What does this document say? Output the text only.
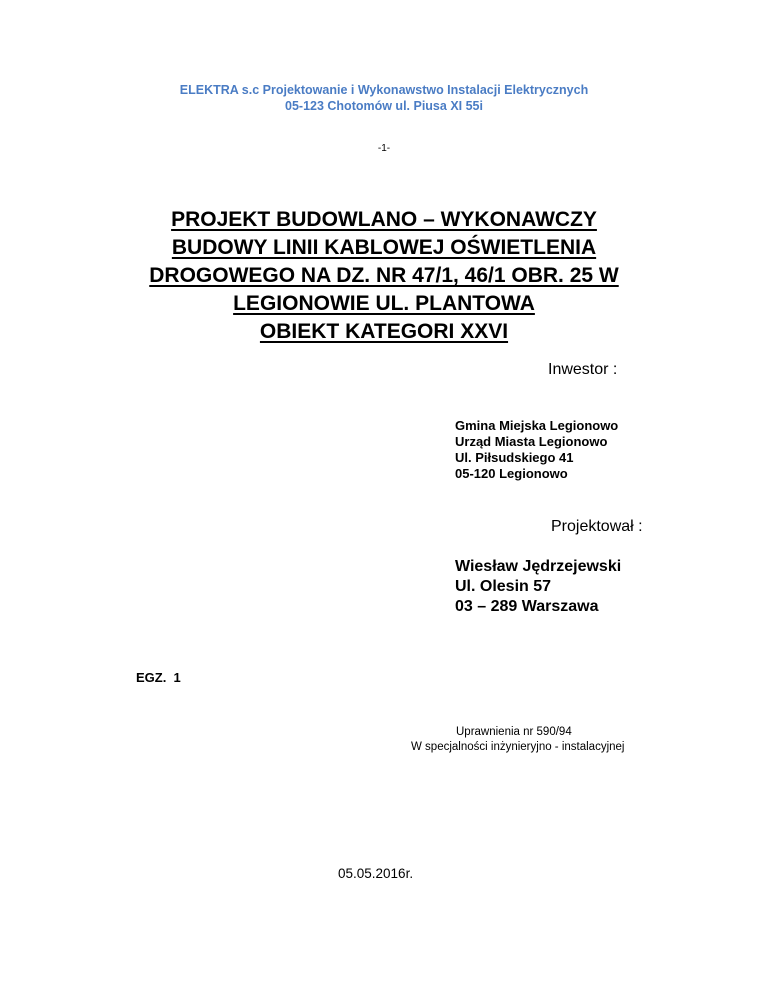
ELEKTRA s.c Projektowanie i Wykonawstwo Instalacji Elektrycznych
05-123 Chotomów ul. Piusa XI 55i
-1-
PROJEKT BUDOWLANO – WYKONAWCZY
BUDOWY LINII KABLOWEJ OŚWIETLENIA
DROGOWEGO NA DZ. NR 47/1, 46/1 OBR. 25 W
LEGIONOWIE UL. PLANTOWA
OBIEKT KATEGORI XXVI
Inwestor :
Gmina Miejska Legionowo
Urząd Miasta Legionowo
Ul. Piłsudskiego 41
05-120 Legionowo
Projektował :
Wiesław Jędrzejewski
Ul. Olesin 57
03 – 289 Warszawa
EGZ.  1
Uprawnienia nr 590/94
W specjalności inżynieryjno - instalacyjnej
05.05.2016r.
